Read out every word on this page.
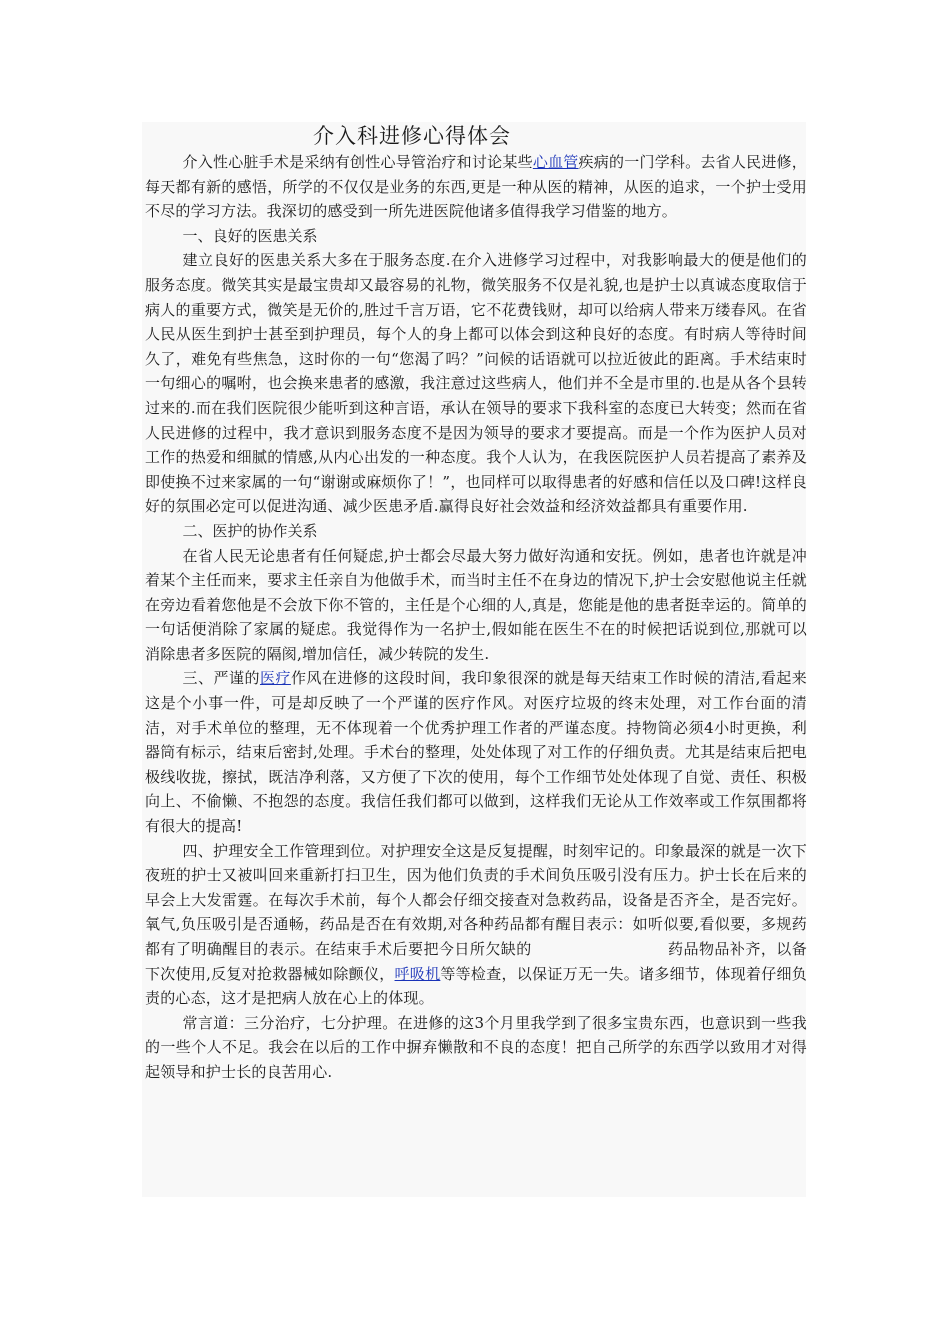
介入科进修心得体会

介入性心脏手术是采纳有创性心导管治疗和讨论某些心血管疾病的一门学科。去省人民进修，每天都有新的感悟，所学的不仅仅是业务的东西,更是一种从医的精神，从医的追求，一个护士受用不尽的学习方法。我深切的感受到一所先进医院他诸多值得我学习借鉴的地方。

一、良好的医患关系

建立良好的医患关系大多在于服务态度.在介入进修学习过程中，对我影响最大的便是他们的服务态度。微笑其实是最宝贵却又最容易的礼物，微笑服务不仅是礼貌,也是护士以真诚态度取信于病人的重要方式，微笑是无价的,胜过千言万语，它不花费钱财，却可以给病人带来万缕春风。在省人民从医生到护士甚至到护理员，每个人的身上都可以体会到这种良好的态度。有时病人等待时间久了，难免有些焦急，这时你的一句“您渴了吗？”问候的话语就可以拉近彼此的距离。手术结束时一句细心的嘱咐，也会换来患者的感激，我注意过这些病人，他们并不全是市里的.也是从各个县转过来的.而在我们医院很少能听到这种言语，承认在领导的要求下我科室的态度已大转变；然而在省人民进修的过程中，我才意识到服务态度不是因为领导的要求才要提高。而是一个作为医护人员对工作的热爱和细腻的情感,从内心出发的一种态度。我个人认为，在我医院医护人员若提高了素养及即使换不过来家属的一句“谢谢或麻烦你了！”，也同样可以取得患者的好感和信任以及口碑!这样良好的氛围必定可以促进沟通、减少医患矛盾.赢得良好社会效益和经济效益都具有重要作用.

二、医护的协作关系

在省人民无论患者有任何疑虑,护士都会尽最大努力做好沟通和安抚。例如，患者也许就是冲着某个主任而来，要求主任亲自为他做手术，而当时主任不在身边的情况下,护士会安慰他说主任就在旁边看着您他是不会放下你不管的，主任是个心细的人,真是，您能是他的患者挺幸运的。简单的一句话便消除了家属的疑虑。我觉得作为一名护士,假如能在医生不在的时候把话说到位,那就可以消除患者多医院的隔阂,增加信任，减少转院的发生.

三、严谨的医疗作风在进修的这段时间，我印象很深的就是每天结束工作时候的清洁,看起来这是个小事一件，可是却反映了一个严谨的医疗作风。对医疗垃圾的终末处理，对工作台面的清洁，对手术单位的整理，无不体现着一个优秀护理工作者的严谨态度。持物筒必须4小时更换，利器筒有标示，结束后密封,处理。手术台的整理，处处体现了对工作的仔细负责。尤其是结束后把电极线收拢，擦拭，既洁净利落，又方便了下次的使用，每个工作细节处处体现了自觉、责任、积极向上、不偷懒、不抱怨的态度。我信任我们都可以做到，这样我们无论从工作效率或工作氛围都将有很大的提高!

四、护理安全工作管理到位。对护理安全这是反复提醒，时刻牢记的。印象最深的就是一次下夜班的护士又被叫回来重新打扫卫生，因为他们负责的手术间负压吸引没有压力。护士长在后来的早会上大发雷霆。在每次手术前，每个人都会仔细交接查对急救药品，设备是否齐全，是否完好。氧气,负压吸引是否通畅，药品是否在有效期,对各种药品都有醒目表示：如听似要,看似要，多规药都有了明确醒目的表示。在结束手术后要把今日所欠缺的	药品物品补齐，以备下次使用,反复对抢救器械如除颤仪，呼吸机等等检查，以保证万无一失。诸多细节，体现着仔细负责的心态，这才是把病人放在心上的体现。

常言道：三分治疗，七分护理。在进修的这3个月里我学到了很多宝贵东西，也意识到一些我的一些个人不足。我会在以后的工作中摒弃懒散和不良的态度！把自己所学的东西学以致用才对得起领导和护士长的良苦用心.
